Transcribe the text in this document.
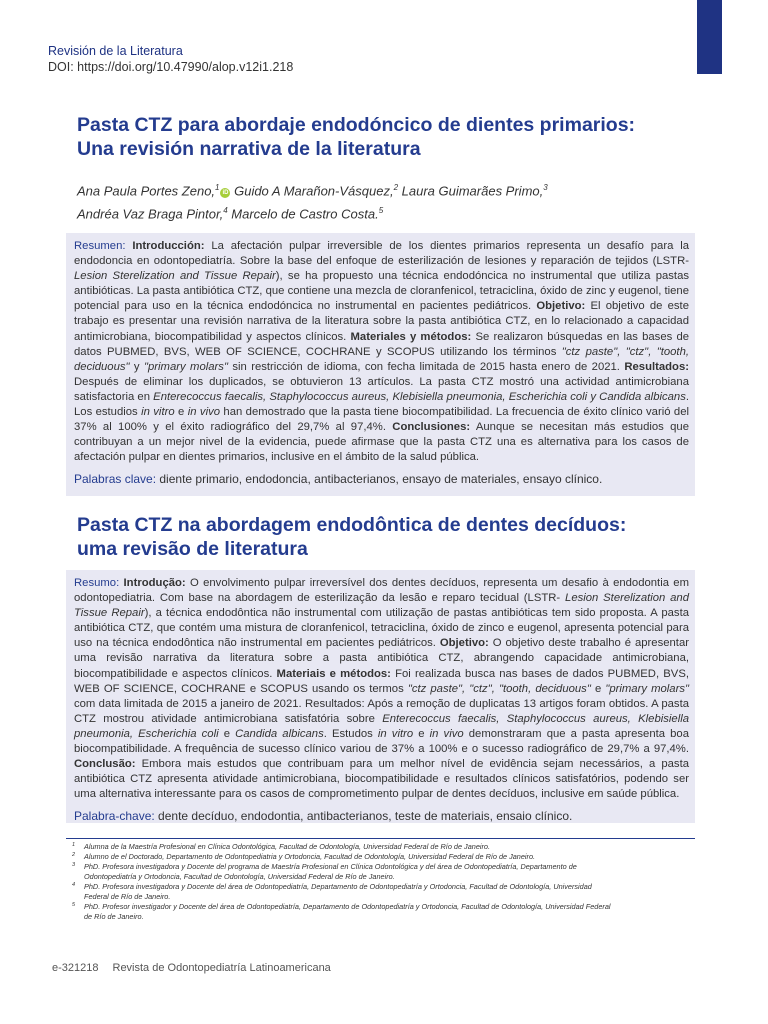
Revisión de la Literatura
DOI: https://doi.org/10.47990/alop.v12i1.218
Pasta CTZ para abordaje endodóncico de dientes primarios:
Una revisión narrativa de la literatura
Ana Paula Portes Zeno,$^1$iD Guido A Marañon-Vásquez,$^2$ Laura Guimarães Primo,$^3$
Andréa Vaz Braga Pintor,$^4$ Marcelo de Castro Costa.$^5$

Resumen: Introducción: La afectación pulpar irreversible de los dientes primarios representa un desafío para la endodoncia en odontopediatría. Sobre la base del enfoque de esterilización de lesiones y reparación de tejidos (LSTR- Lesion Sterelization and Tissue Repair), se ha propuesto una técnica endodóncica no instrumental que utiliza pastas antibióticas. La pasta antibiótica CTZ, que contiene una mezcla de cloranfenicol, tetraciclina, óxido de zinc y eugenol, tiene potencial para uso en la técnica endodóncica no instrumental en pacientes pediátricos. Objetivo: El objetivo de este trabajo es presentar una revisión narrativa de la literatura sobre la pasta antibiótica CTZ, en lo relacionado a capacidad antimicrobiana, biocompatibilidad y aspectos clínicos. Materiales y métodos: Se realizaron búsquedas en las bases de datos PUBMED, BVS, WEB OF SCIENCE, COCHRANE y SCOPUS utilizando los términos "ctz paste", "ctz", "tooth, deciduous" y "primary molars" sin restricción de idioma, con fecha limitada de 2015 hasta enero de 2021. Resultados: Después de eliminar los duplicados, se obtuvieron 13 artículos. La pasta CTZ mostró una actividad antimicrobiana satisfactoria en Enterecoccus faecalis, Staphylococcus aureus, Klebisiella pneumonia, Escherichia coli y Candida albicans. Los estudios in vitro e in vivo han demostrado que la pasta tiene biocompatibilidad. La frecuencia de éxito clínico varió del 37% al 100% y el éxito radiográfico del 29,7% al 97,4%. Conclusiones: Aunque se necesitan más estudios que contribuyan a un mejor nivel de la evidencia, puede afirmase que la pasta CTZ una es alternativa para los casos de afectación pulpar en dientes primarios, inclusive en el ámbito de la salud pública.

Palabras clave: diente primario, endodoncia, antibacterianos, ensayo de materiales, ensayo clínico.

Pasta CTZ na abordagem endodôntica de dentes decíduos:
uma revisão de literatura

Resumo: Introdução: O envolvimento pulpar irreversível dos dentes decíduos, representa um desafio à endodontia em odontopediatria. Com base na abordagem de esterilização da lesão e reparo tecidual (LSTR- Lesion Sterelization and Tissue Repair), a técnica endodôntica não instrumental com utilização de pastas antibióticas tem sido proposta. A pasta antibiótica CTZ, que contém uma mistura de cloranfenicol, tetraciclina, óxido de zinco e eugenol, apresenta potencial para uso na técnica endodôntica não instrumental em pacientes pediátricos. Objetivo: O objetivo deste trabalho é apresentar uma revisão narrativa da literatura sobre a pasta antibiótica CTZ, abrangendo capacidade antimicrobiana, biocompatibilidade e aspectos clínicos. Materiais e métodos: Foi realizada busca nas bases de dados PUBMED, BVS, WEB OF SCIENCE, COCHRANE e SCOPUS usando os termos "ctz paste", "ctz", "tooth, deciduous" e "primary molars" com data limitada de 2015 a janeiro de 2021. Resultados: Após a remoção de duplicatas 13 artigos foram obtidos. A pasta CTZ mostrou atividade antimicrobiana satisfatória sobre Enterecoccus faecalis, Staphylococcus aureus, Klebisiella pneumonia, Escherichia coli e Candida albicans. Estudos in vitro e in vivo demonstraram que a pasta apresenta boa biocompatibilidade. A frequência de sucesso clínico variou de 37% a 100% e o sucesso radiográfico de 29,7% a 97,4%. Conclusão: Embora mais estudos que contribuam para um melhor nível de evidência sejam necessários, a pasta antibiótica CTZ apresenta atividade antimicrobiana, biocompatibilidade e resultados clínicos satisfatórios, podendo ser uma alternativa interessante para os casos de comprometimento pulpar de dentes decíduos, inclusive em saúde pública.

Palabra-chave: dente decíduo, endodontia, antibacterianos, teste de materiais, ensaio clínico.

1 Alumna de la Maestría Profesional en Clínica Odontológica, Facultad de Odontología, Universidad Federal de Río de Janeiro.
2 Alumno de el Doctorado, Departamento de Odontopediatria y Ortodoncia, Facultad de Odontología, Universidad Federal de Río de Janeiro.
3 PhD. Profesora investigadora y Docente del programa de Maestría Profesional en Clínica Odontológica y del área de Odontopediatría, Departamento de
Odontopediatría y Ortodoncia, Facultad de Odontología, Universidad Federal de Río de Janeiro.
4 PhD. Profesora investigadora y Docente del área de Odontopediatría, Departamento de Odontopediatría y Ortodoncia, Facultad de Odontología, Universidad
Federal de Río de Janeiro.
5 PhD. Profesor investigador y Docente del área de Odontopediatría, Departamento de Odontopediatría y Ortodoncia, Facultad de Odontología, Universidad Federal
de Río de Janeiro.
e-321218 Revista de Odontopediatría Latinoamericana
